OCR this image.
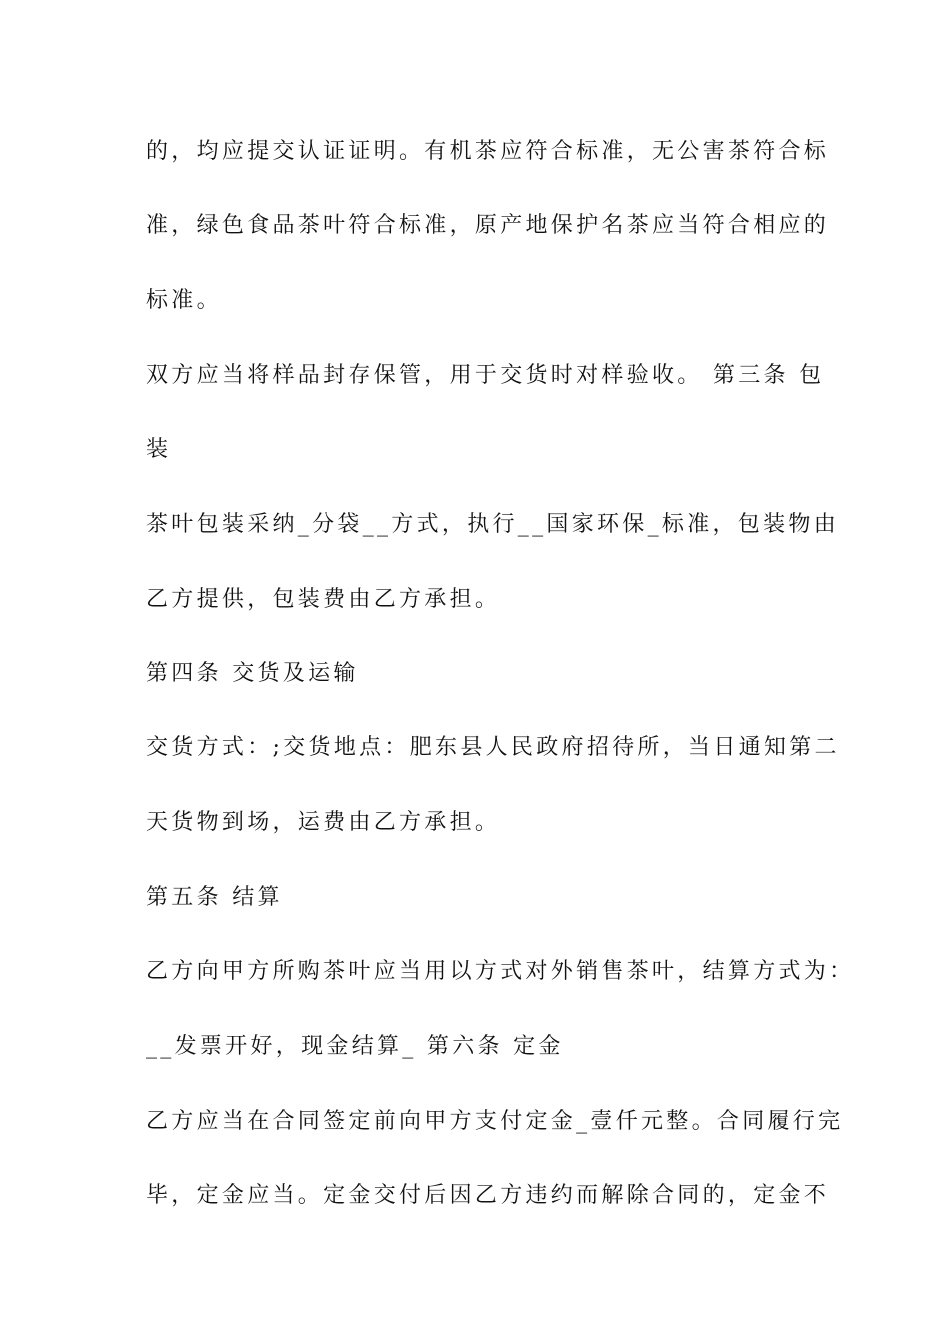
的，均应提交认证证明。有机茶应符合标准，无公害茶符合标
准，绿色食品茶叶符合标准，原产地保护名茶应当符合相应的
标准。
双方应当将样品封存保管，用于交货时对样验收。 第三条 包
装
茶叶包装采纳_分袋__方式，执行__国家环保_标准，包装物由
乙方提供，包装费由乙方承担。
第四条 交货及运输
交货方式：;交货地点：肥东县人民政府招待所，当日通知第二
天货物到场，运费由乙方承担。
第五条 结算
乙方向甲方所购茶叶应当用以方式对外销售茶叶，结算方式为：
__发票开好，现金结算_ 第六条 定金
乙方应当在合同签定前向甲方支付定金_壹仟元整。合同履行完
毕，定金应当。定金交付后因乙方违约而解除合同的，定金不
